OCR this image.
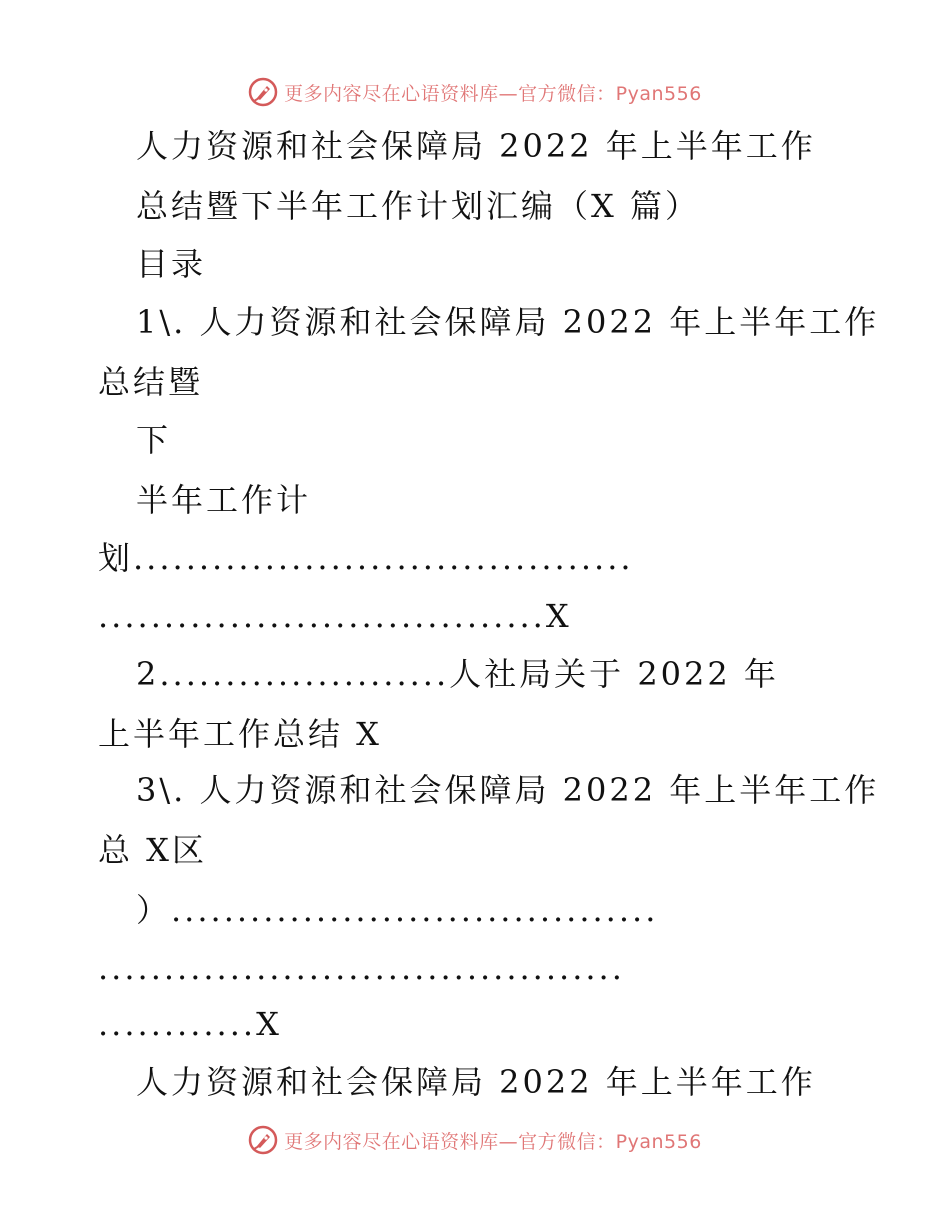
更多内容尽在心语资料库—官方微信：Pyan556
人力资源和社会保障局 2022 年上半年工作
总结暨下半年工作计划汇编（X 篇）
目录
1\. 人力资源和社会保障局 2022 年上半年工作
总结暨
下
半年工作计
划......................................
..................................X
2......................人社局关于 2022 年
上半年工作总结 X
3\. 人力资源和社会保障局 2022 年上半年工作
总 X区
）.....................................
........................................
............X
人力资源和社会保障局 2022 年上半年工作
更多内容尽在心语资料库—官方微信：Pyan556
